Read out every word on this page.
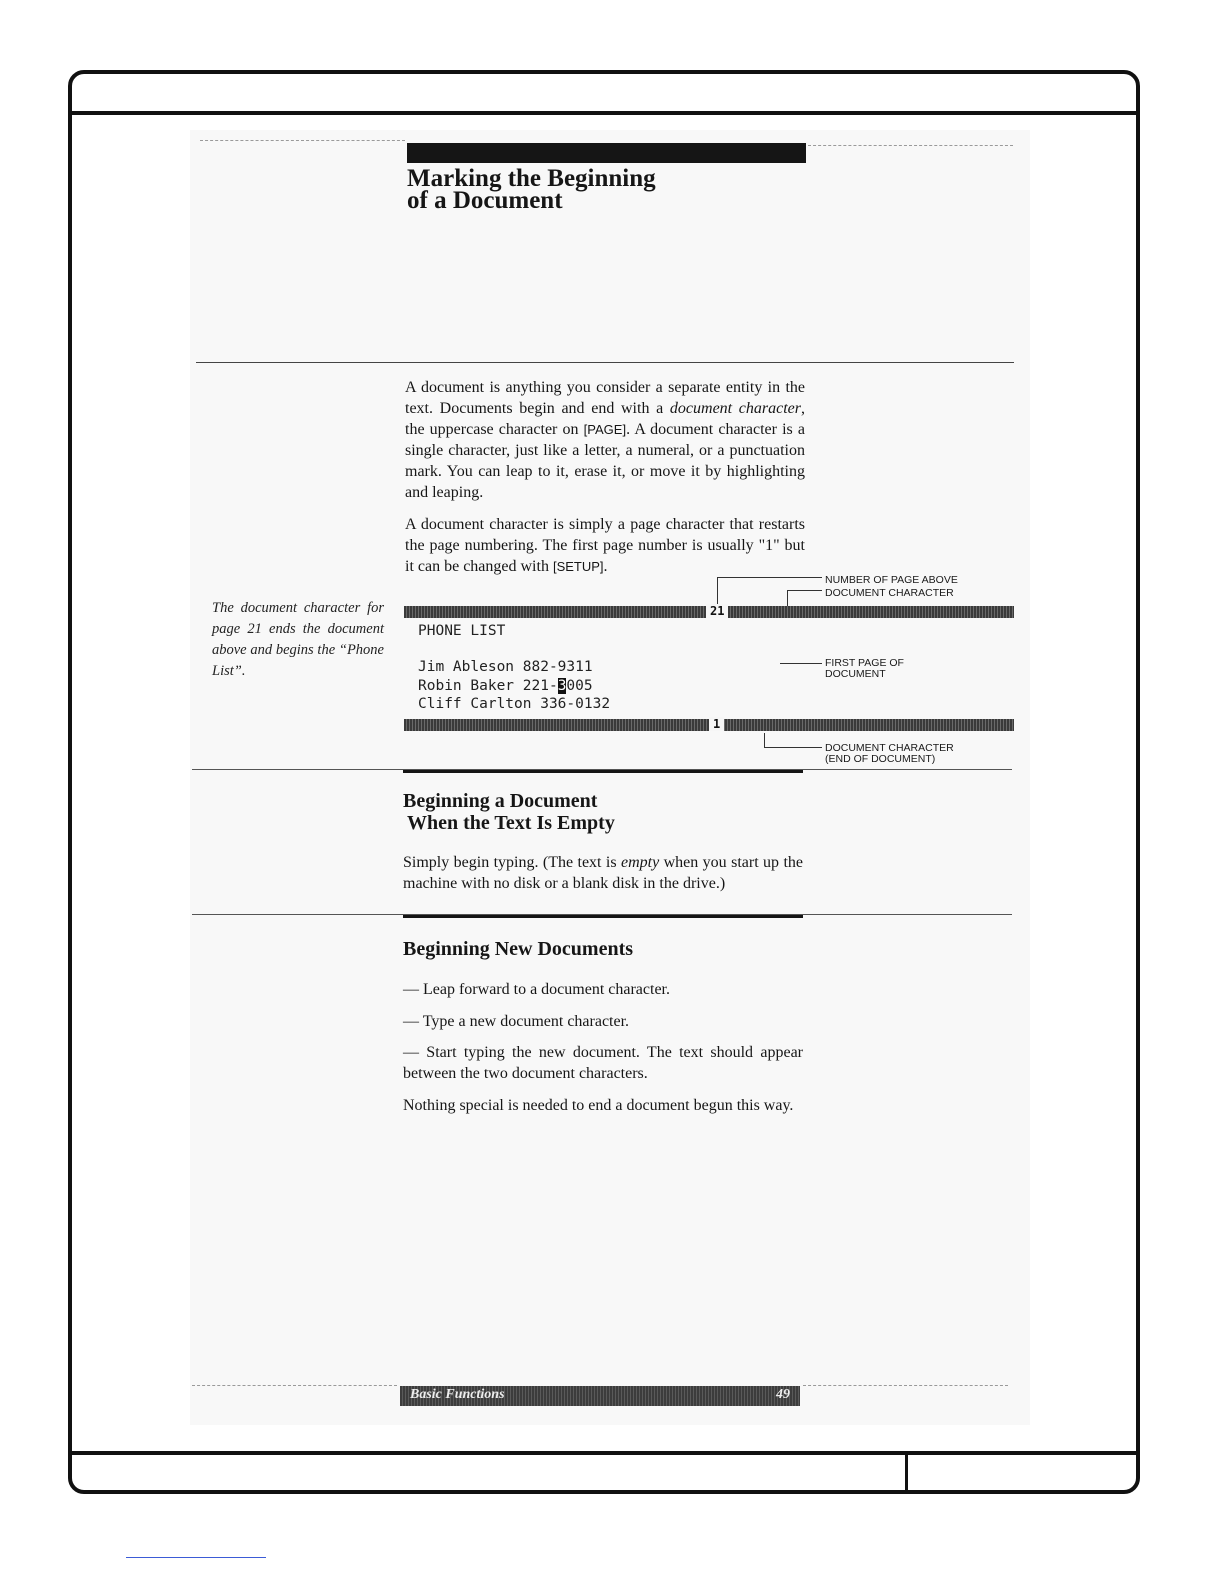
Marking the Beginning
of a Document

A document is anything you consider a separate entity in the text. Documents begin and end with a document character, the uppercase character on [PAGE]. A document character is a single character, just like a letter, a numeral, or a punctuation mark. You can leap to it, erase it, or move it by highlighting and leaping.

A document character is simply a page character that restarts the page numbering. The first page number is usually "1" but it can be changed with [SETUP].

The document character for page 21 ends the document above and begins the “Phone List”.
NUMBER OF PAGE ABOVE
DOCUMENT CHARACTER
21
PHONE LIST
Jim Ableson 882-9311
Robin Baker 221-3005
Cliff Carlton 336-0132
1
FIRST PAGE OF
DOCUMENT
DOCUMENT CHARACTER
(END OF DOCUMENT)
Beginning a Document
When the Text Is Empty

Simply begin typing. (The text is empty when you start up the machine with no disk or a blank disk in the drive.)

Beginning New Documents

— Leap forward to a document character.

— Type a new document character.

— Start typing the new document. The text should appear between the two document characters.

Nothing special is needed to end a document begun this way.

Basic Functions	49
